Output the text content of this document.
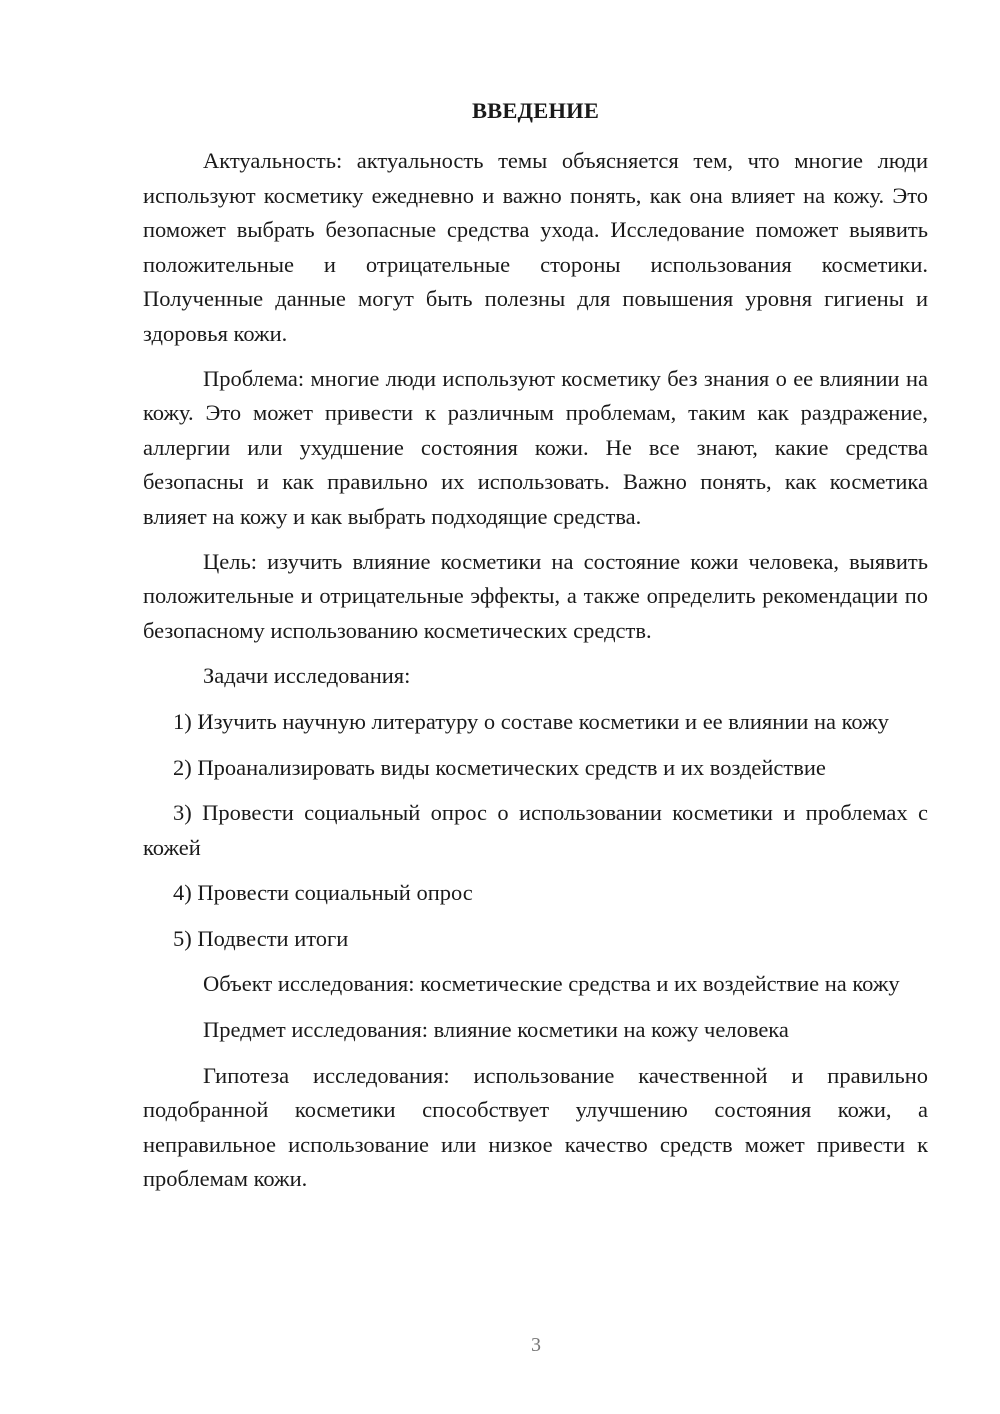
ВВЕДЕНИЕ

Актуальность: актуальность темы объясняется тем, что многие люди используют косметику ежедневно и важно понять, как она влияет на кожу. Это поможет выбрать безопасные средства ухода. Исследование поможет выявить положительные и отрицательные стороны использования косметики. Полученные данные могут быть полезны для повышения уровня гигиены и здоровья кожи.

Проблема: многие люди используют косметику без знания о ее влиянии на кожу. Это может привести к различным проблемам, таким как раздражение, аллергии или ухудшение состояния кожи. Не все знают, какие средства безопасны и как правильно их использовать. Важно понять, как косметика влияет на кожу и как выбрать подходящие средства.

Цель: изучить влияние косметики на состояние кожи человека, выявить положительные и отрицательные эффекты, а также определить рекомендации по безопасному использованию косметических средств.

Задачи исследования:

1) Изучить научную литературу о составе косметики и ее влиянии на кожу

2) Проанализировать виды косметических средств и их воздействие

3) Провести социальный опрос о использовании косметики и проблемах с кожей

4) Провести социальный опрос

5) Подвести итоги

Объект исследования: косметические средства и их воздействие на кожу

Предмет исследования: влияние косметики на кожу человека

Гипотеза исследования: использование качественной и правильно подобранной косметики способствует улучшению состояния кожи, а неправильное использование или низкое качество средств может привести к проблемам кожи.

3
